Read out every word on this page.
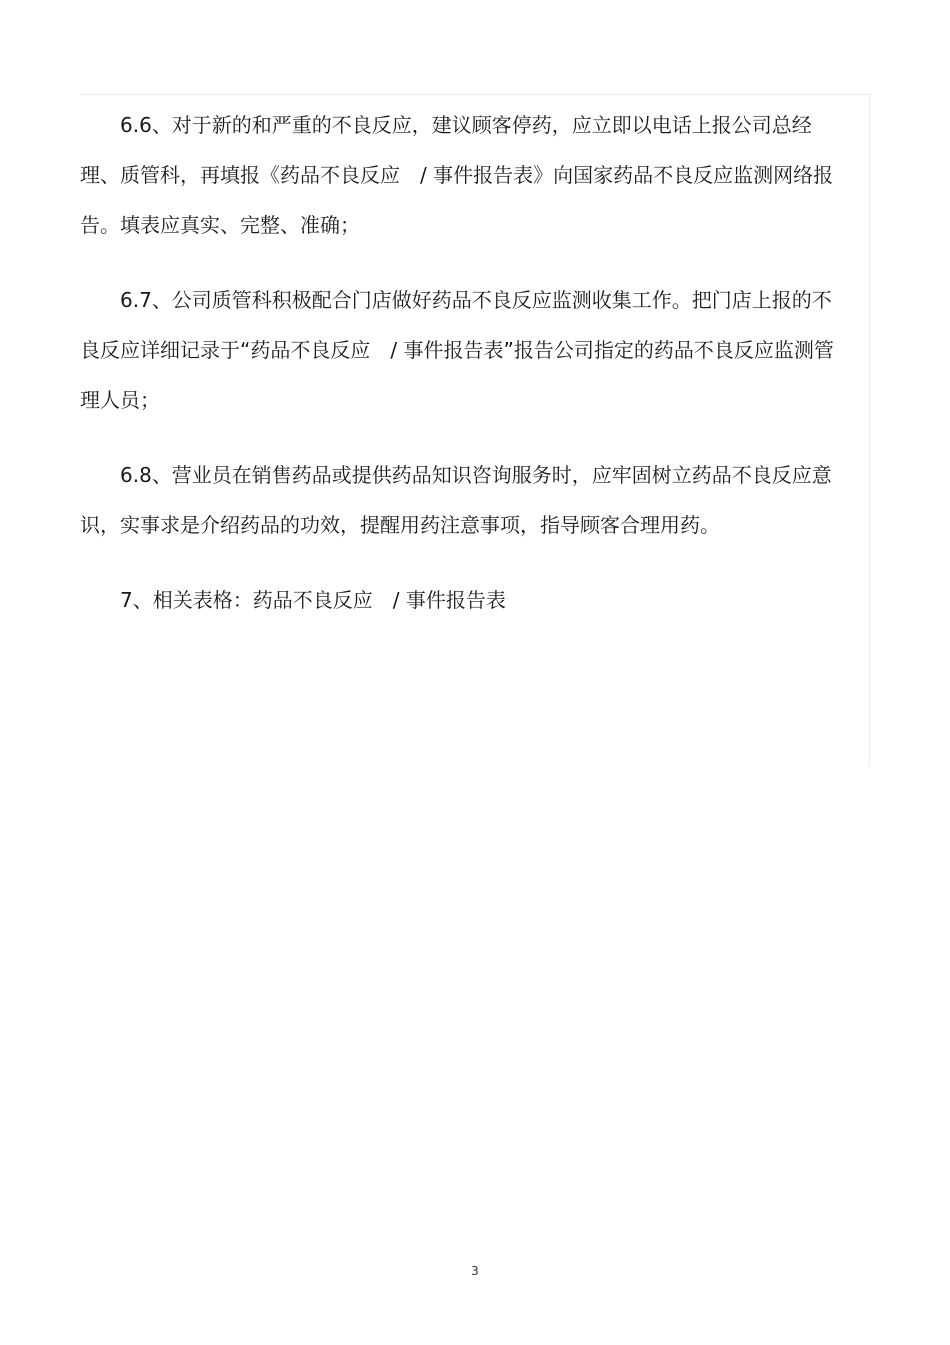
6.6、对于新的和严重的不良反应，建议顾客停药，应立即以电话上报公司总经理、质管科，再填报《药品不良反应　/ 事件报告表》向国家药品不良反应监测网络报告。填表应真实、完整、准确；

6.7、公司质管科积极配合门店做好药品不良反应监测收集工作。把门店上报的不良反应详细记录于“药品不良反应　/ 事件报告表”报告公司指定的药品不良反应监测管理人员；

6.8、营业员在销售药品或提供药品知识咨询服务时，应牢固树立药品不良反应意识，实事求是介绍药品的功效，提醒用药注意事项，指导顾客合理用药。

7、相关表格：药品不良反应　/ 事件报告表

3
